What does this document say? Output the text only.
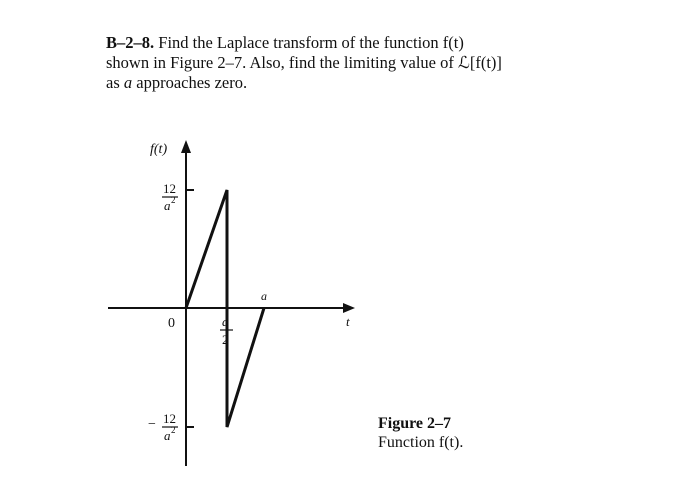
B–2–8. Find the Laplace transform of the function f(t)
shown in Figure 2–7. Also, find the limiting value of ℒ[f(t)]
as a approaches zero.
f(t)
t
0
12
a 2
− 12
a 2
a
2
a
Figure 2–7
Function f(t).
